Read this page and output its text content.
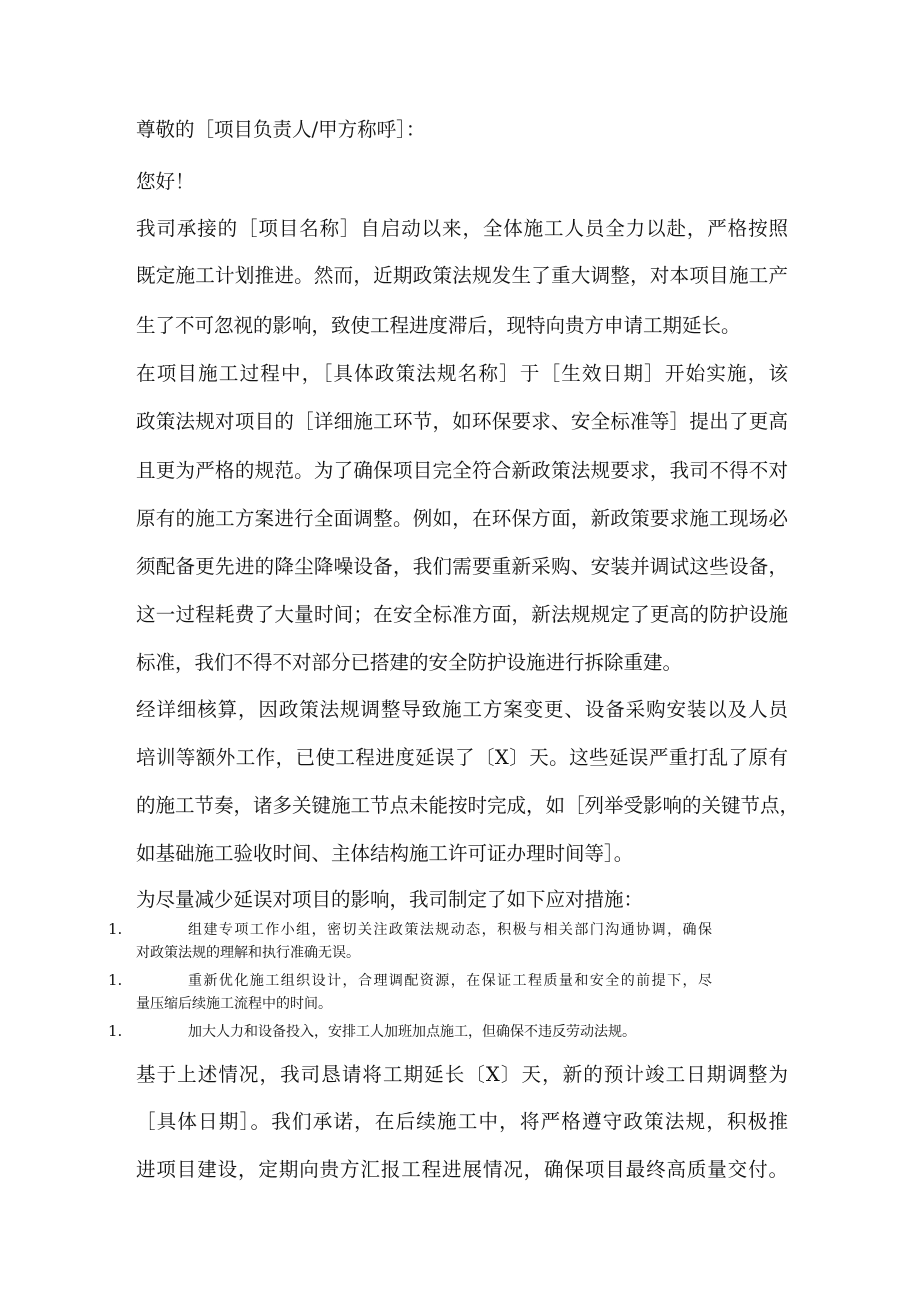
尊敬的［项目负责人/甲方称呼］：
您好！
我司承接的［项目名称］自启动以来，全体施工人员全力以赴，严格按照
既定施工计划推进。然而，近期政策法规发生了重大调整，对本项目施工产
生了不可忽视的影响，致使工程进度滞后，现特向贵方申请工期延长。
在项目施工过程中，［具体政策法规名称］于［生效日期］开始实施，该
政策法规对项目的［详细施工环节，如环保要求、安全标准等］提出了更高
且更为严格的规范。为了确保项目完全符合新政策法规要求，我司不得不对
原有的施工方案进行全面调整。例如，在环保方面，新政策要求施工现场必
须配备更先进的降尘降噪设备，我们需要重新采购、安装并调试这些设备，
这一过程耗费了大量时间；在安全标准方面，新法规规定了更高的防护设施
标准，我们不得不对部分已搭建的安全防护设施进行拆除重建。
经详细核算，因政策法规调整导致施工方案变更、设备采购安装以及人员
培训等额外工作，已使工程进度延误了〔X〕天。这些延误严重打乱了原有
的施工节奏，诸多关键施工节点未能按时完成，如［列举受影响的关键节点，
如基础施工验收时间、主体结构施工许可证办理时间等］。
为尽量减少延误对项目的影响，我司制定了如下应对措施：
1.	组建专项工作小组，密切关注政策法规动态，积极与相关部门沟通协调，确保
对政策法规的理解和执行准确无误。
1.	重新优化施工组织设计，合理调配资源，在保证工程质量和安全的前提下，尽
量压缩后续施工流程中的时间。
1.	加大人力和设备投入，安排工人加班加点施工，但确保不违反劳动法规。
基于上述情况，我司恳请将工期延长〔X〕天，新的预计竣工日期调整为
［具体日期］。我们承诺，在后续施工中，将严格遵守政策法规，积极推
进项目建设，定期向贵方汇报工程进展情况，确保项目最终高质量交付。
